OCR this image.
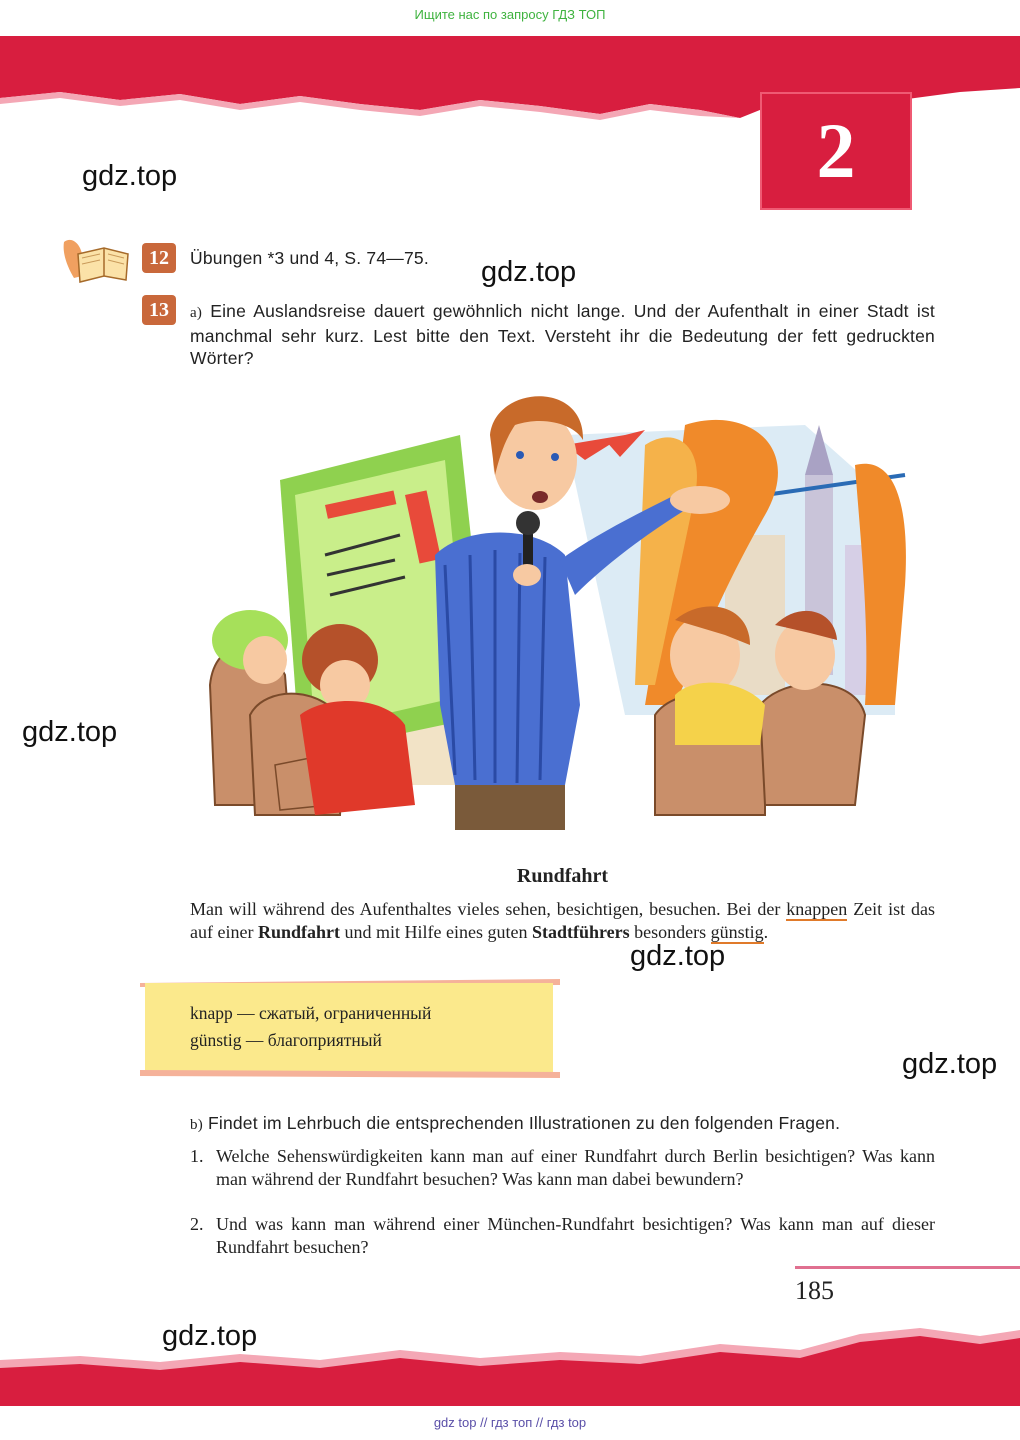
Ищите нас по запросу ГДЗ ТОП
2
gdz.top
gdz.top
gdz.top
gdz.top
gdz.top
gdz.top
12	Übungen *3 und 4, S. 74—75.
13	a) Eine Auslandsreise dauert gewöhnlich nicht lange. Und der Aufenthalt in einer Stadt ist manchmal sehr kurz. Lest bitte den Text. Versteht ihr die Bedeutung der fett gedruckten Wörter?
Rundfahrt
Man will während des Aufenthaltes vieles sehen, besichtigen, besuchen. Bei der knappen Zeit ist das auf einer Rundfahrt und mit Hilfe eines guten Stadtführers besonders günstig.
knapp — сжатый, ограниченный
günstig — благоприятный
b) Findet im Lehrbuch die entsprechenden Illustrationen zu den folgenden Fragen.
1. Welche Sehenswürdigkeiten kann man auf einer Rundfahrt durch Berlin besichtigen? Was kann man während der Rundfahrt besuchen? Was kann man dabei bewundern?
2. Und was kann man während einer München-Rundfahrt besichtigen? Was kann man auf dieser Rundfahrt besuchen?
185
gdz top // гдз топ // гдз top
